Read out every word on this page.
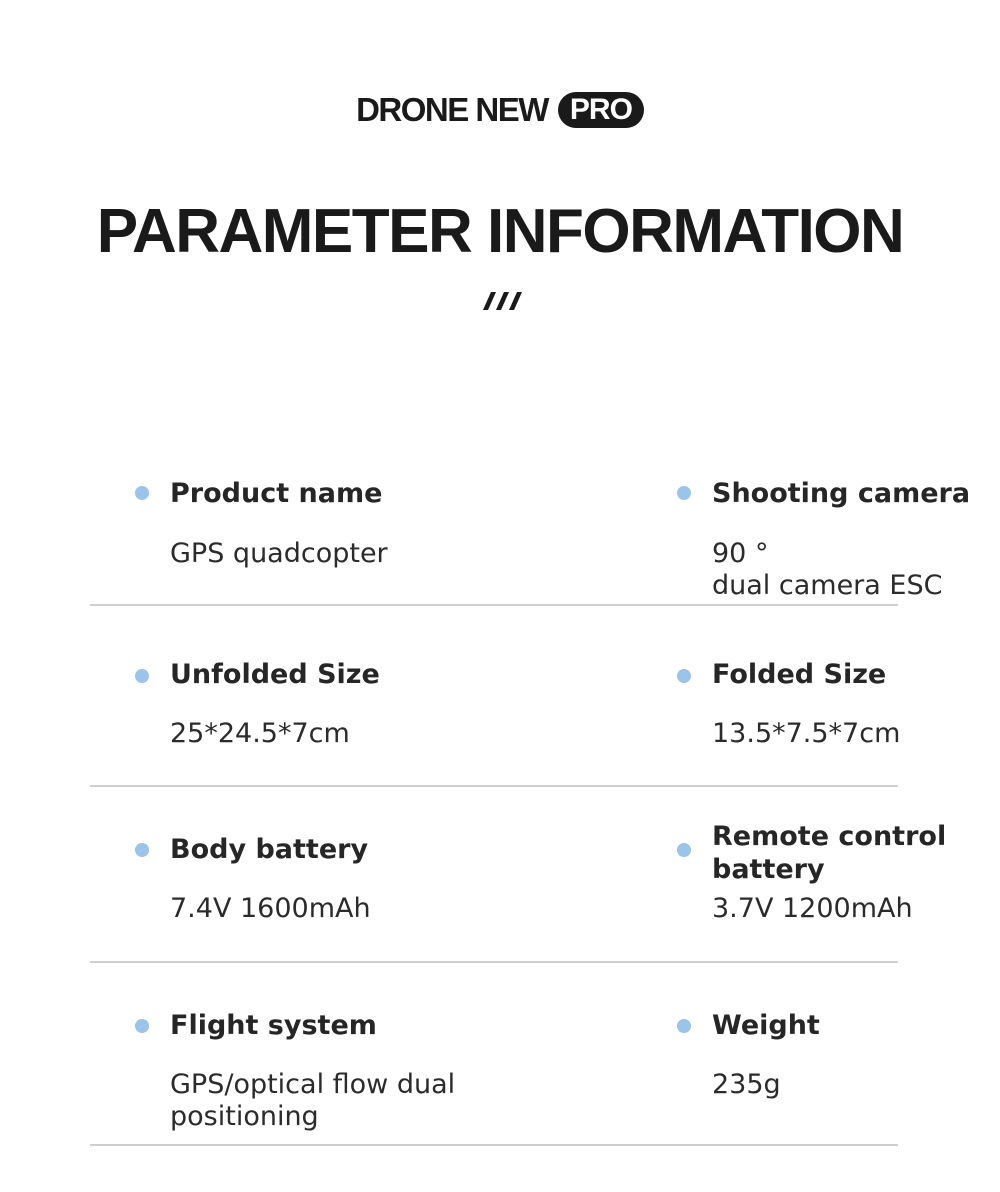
DRONE NEW PRO
PARAMETER INFORMATION
Product name
GPS quadcopter
Shooting camera
90 °
dual camera ESC
Unfolded Size
25*24.5*7cm
Folded Size
13.5*7.5*7cm
Body battery
7.4V 1600mAh
Remote control
battery
3.7V 1200mAh
Flight system
GPS/optical flow dual
positioning
Weight
235g
